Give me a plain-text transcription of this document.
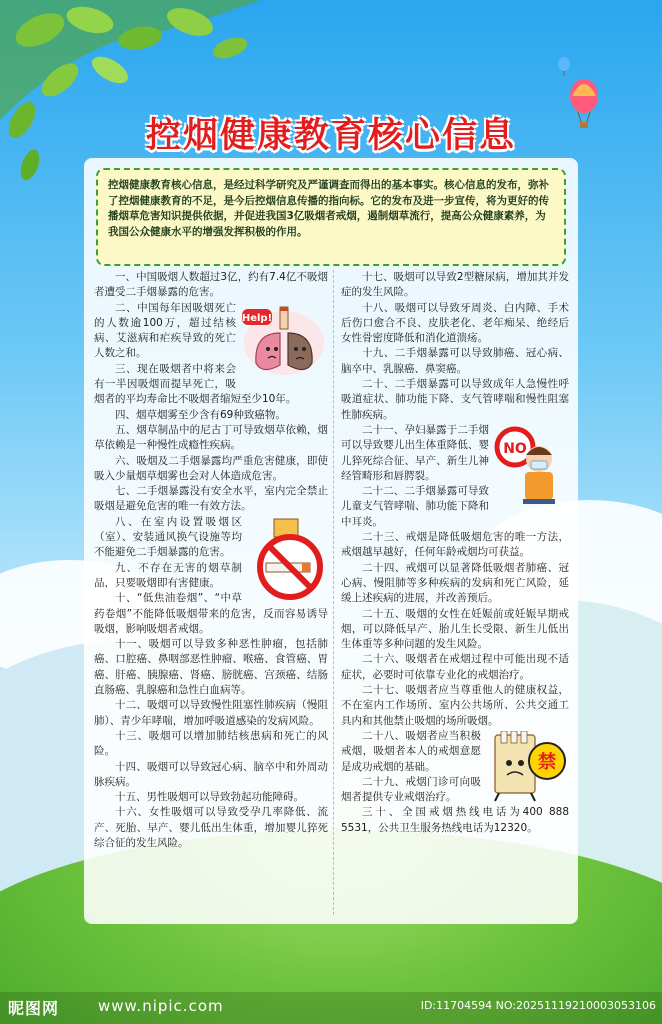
控烟健康教育核心信息
控烟健康教育核心信息，是经过科学研究及严谨调查而得出的基本事实。核心信息的发布，弥补了控烟健康教育的不足，是今后控烟信息传播的指向标。它的发布及进一步宣传，将为更好的传播烟草危害知识提供依据，并促进我国3亿吸烟者戒烟，遏制烟草流行，提高公众健康素养，为我国公众健康水平的增强发挥积极的作用。

一、中国吸烟人数超过3亿，约有7.4亿不吸烟者遭受二手烟暴露的危害。

Help!

二、中国每年因吸烟死亡的人数逾100万，超过结核病、艾滋病和疟疾导致的死亡人数之和。

三、现在吸烟者中将来会有一半因吸烟而提早死亡，吸烟者的平均寿命比不吸烟者缩短至少10年。

四、烟草烟雾至少含有69种致癌物。

五、烟草制品中的尼古丁可导致烟草依赖，烟草依赖是一种慢性成瘾性疾病。

六、吸烟及二手烟暴露均严重危害健康，即使吸入少量烟草烟雾也会对人体造成危害。

七、二手烟暴露没有安全水平，室内完全禁止吸烟是避免危害的唯一有效方法。

八、在室内设置吸烟区（室）、安装通风换气设施等均不能避免二手烟暴露的危害。

九、不存在无害的烟草制品，只要吸烟即有害健康。

十、“低焦油卷烟”、“中草药卷烟”不能降低吸烟带来的危害，反而容易诱导吸烟，影响吸烟者戒烟。

十一、吸烟可以导致多种恶性肿瘤，包括肺癌、口腔癌、鼻咽部恶性肿瘤、喉癌、食管癌、胃癌、肝癌、胰腺癌、肾癌、膀胱癌、宫颈癌、结肠直肠癌、乳腺癌和急性白血病等。

十二、吸烟可以导致慢性阻塞性肺疾病（慢阻肺）、青少年哮喘，增加呼吸道感染的发病风险。

十三、吸烟可以增加肺结核患病和死亡的风险。

十四、吸烟可以导致冠心病、脑卒中和外周动脉疾病。

十五、男性吸烟可以导致勃起功能障碍。

十六、女性吸烟可以导致受孕几率降低、流产、死胎、早产、婴儿低出生体重，增加婴儿猝死综合征的发生风险。

十七、吸烟可以导致2型糖尿病，增加其并发症的发生风险。

十八、吸烟可以导致牙周炎、白内障、手术后伤口愈合不良、皮肤老化、老年痴呆、绝经后女性骨密度降低和消化道溃疡。

十九、二手烟暴露可以导致肺癌、冠心病、脑卒中、乳腺癌、鼻窦癌。

二十、二手烟暴露可以导致成年人急慢性呼吸道症状、肺功能下降、支气管哮喘和慢性阻塞性肺疾病。

NO

二十一、孕妇暴露于二手烟可以导致婴儿出生体重降低、婴儿猝死综合征、早产、新生儿神经管畸形和唇腭裂。

二十二、二手烟暴露可导致儿童支气管哮喘、肺功能下降和中耳炎。

二十三、戒烟是降低吸烟危害的唯一方法，戒烟越早越好，任何年龄戒烟均可获益。

二十四、戒烟可以显著降低吸烟者肺癌、冠心病、慢阻肺等多种疾病的发病和死亡风险，延缓上述疾病的进展，并改善预后。

二十五、吸烟的女性在妊娠前或妊娠早期戒烟，可以降低早产、胎儿生长受限、新生儿低出生体重等多种问题的发生风险。

二十六、吸烟者在戒烟过程中可能出现不适症状，必要时可依靠专业化的戒烟治疗。

二十七、吸烟者应当尊重他人的健康权益，不在室内工作场所、室内公共场所、公共交通工具内和其他禁止吸烟的场所吸烟。

禁

二十八、吸烟者应当积极戒烟，吸烟者本人的戒烟意愿是成功戒烟的基础。

二十九、戒烟门诊可向吸烟者提供专业戒烟治疗。

三十、全国戒烟热线电话为400 888 5531，公共卫生服务热线电话为12320。

昵图网	www.nipic.com	ID:11704594 NO:20251119210003053106
